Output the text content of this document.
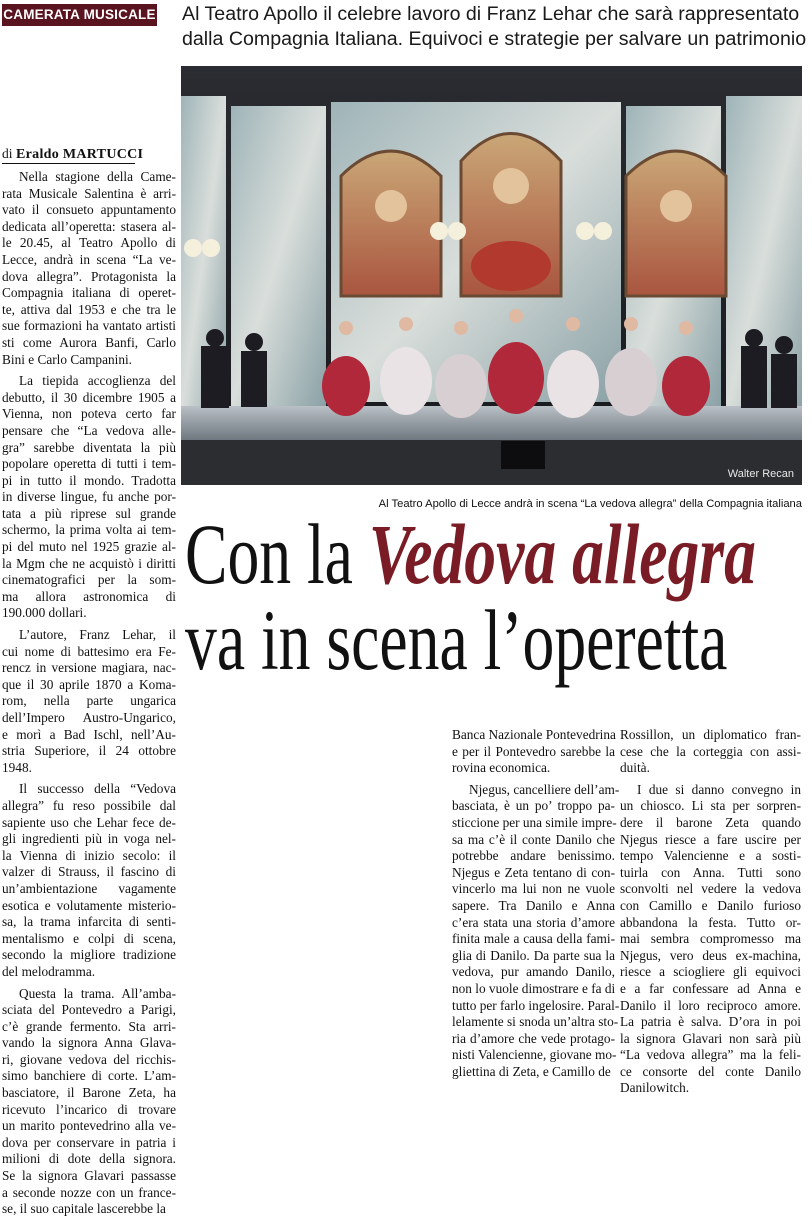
CAMERATA MUSICALE Al Teatro Apollo il celebre lavoro di Franz Lehar che sarà rappresentato
dalla Compagnia Italiana. Equivoci e strategie per salvare un patrimonio
Walter Recan
Al Teatro Apollo di Lecce andrà in scena “La vedova allegra” della Compagnia italiana
di Eraldo MARTUCCI
Con la Vedova allegra
va in scena l’operetta

Nella stagione della Came-
rata Musicale Salentina è arri-
vato il consueto appuntamento
dedicata all’operetta: stasera al-
le 20.45, al Teatro Apollo di
Lecce, andrà in scena “La ve-
dova allegra”. Protagonista la
Compagnia italiana di operet-
te, attiva dal 1953 e che tra le
sue formazioni ha vantato artisti
sti come Aurora Banfi, Carlo
Bini e Carlo Campanini.

La tiepida accoglienza del
debutto, il 30 dicembre 1905 a
Vienna, non poteva certo far
pensare che “La vedova alle-
gra” sarebbe diventata la più
popolare operetta di tutti i tem-
pi in tutto il mondo. Tradotta
in diverse lingue, fu anche por-
tata a più riprese sul grande
schermo, la prima volta ai tem-
pi del muto nel 1925 grazie al-
la Mgm che ne acquistò i diritti
cinematografici per la som-
ma allora astronomica di
190.000 dollari.

L’autore, Franz Lehar, il
cui nome di battesimo era Fe-
rencz in versione magiara, nac-
que il 30 aprile 1870 a Koma-
rom, nella parte ungarica
dell’Impero Austro-Ungarico,
e morì a Bad Ischl, nell’Au-
stria Superiore, il 24 ottobre
1948.

Il successo della “Vedova
allegra” fu reso possibile dal
sapiente uso che Lehar fece de-
gli ingredienti più in voga nel-
la Vienna di inizio secolo: il
valzer di Strauss, il fascino di
un’ambientazione vagamente
esotica e volutamente misterio-
sa, la trama infarcita di senti-
mentalismo e colpi di scena,
secondo la migliore tradizione
del melodramma.

Questa la trama. All’amba-
sciata del Pontevedro a Parigi,
c’è grande fermento. Sta arri-
vando la signora Anna Glava-
ri, giovane vedova del ricchis-
simo banchiere di corte. L’am-
basciatore, il Barone Zeta, ha
ricevuto l’incarico di trovare
un marito pontevedrino alla ve-
dova per conservare in patria i
milioni di dote della signora.
Se la signora Glavari passasse
a seconde nozze con un france-
se, il suo capitale lascerebbe la

Banca Nazionale Pontevedrina
e per il Pontevedro sarebbe la
rovina economica.

Njegus, cancelliere dell’am-
basciata, è un po’ troppo pa-
sticcione per una simile impre-
sa ma c’è il conte Danilo che
potrebbe andare benissimo.
Njegus e Zeta tentano di con-
vincerlo ma lui non ne vuole
sapere. Tra Danilo e Anna
c’era stata una storia d’amore
finita male a causa della fami-
glia di Danilo. Da parte sua la
vedova, pur amando Danilo,
non lo vuole dimostrare e fa di
tutto per farlo ingelosire. Paral-
lelamente si snoda un’altra sto-
ria d’amore che vede protago-
nisti Valencienne, giovane mo-
gliettina di Zeta, e Camillo de

Rossillon, un diplomatico fran-
cese che la corteggia con assi-
duità.

I due si danno convegno in
un chiosco. Li sta per sorpren-
dere il barone Zeta quando
Njegus riesce a fare uscire per
tempo Valencienne e a sosti-
tuirla con Anna. Tutti sono
sconvolti nel vedere la vedova
con Camillo e Danilo furioso
abbandona la festa. Tutto or-
mai sembra compromesso ma
Njegus, vero deus ex-machina,
riesce a sciogliere gli equivoci
e a far confessare ad Anna e
Danilo il loro reciproco amore.
La patria è salva. D’ora in poi
la signora Glavari non sarà più
“La vedova allegra” ma la feli-
ce consorte del conte Danilo
Danilowitch.
